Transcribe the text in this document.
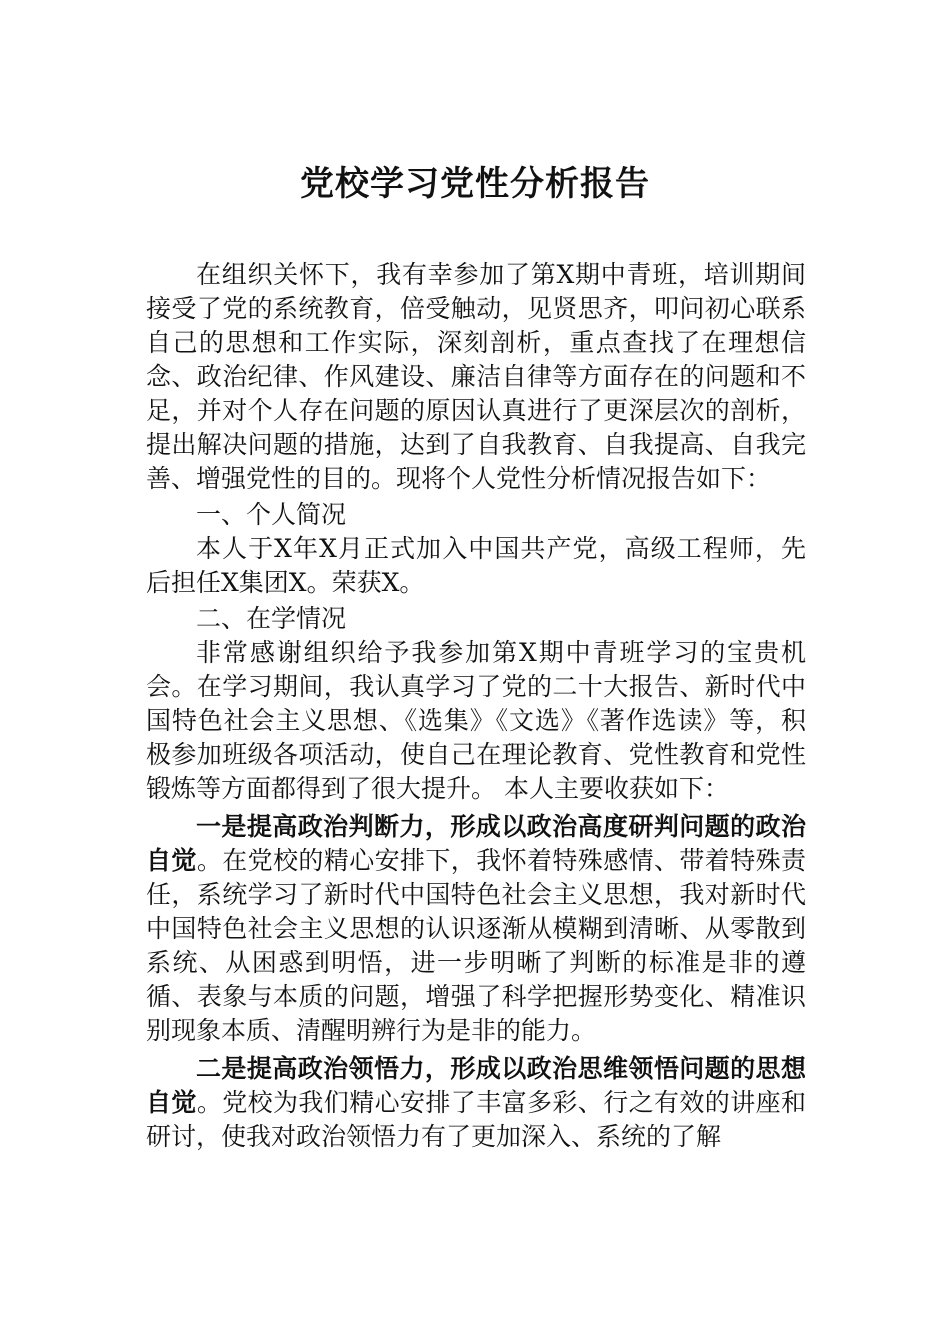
党校学习党性分析报告

在组织关怀下，我有幸参加了第X期中青班，培训期间接受了党的系统教育，倍受触动，见贤思齐，叩问初心联系自己的思想和工作实际，深刻剖析，重点查找了在理想信念、政治纪律、作风建设、廉洁自律等方面存在的问题和不足，并对个人存在问题的原因认真进行了更深层次的剖析，提出解决问题的措施，达到了自我教育、自我提高、自我完善、增强党性的目的。现将个人党性分析情况报告如下：

一、个人简况

本人于X年X月正式加入中国共产党，高级工程师，先后担任X集团X。荣获X。

二、在学情况

非常感谢组织给予我参加第X期中青班学习的宝贵机会。在学习期间，我认真学习了党的二十大报告、新时代中国特色社会主义思想、《选集》《文选》《著作选读》等，积极参加班级各项活动，使自己在理论教育、党性教育和党性锻炼等方面都得到了很大提升。 本人主要收获如下：

一是提高政治判断力，形成以政治高度研判问题的政治自觉。在党校的精心安排下，我怀着特殊感情、带着特殊责任，系统学习了新时代中国特色社会主义思想，我对新时代中国特色社会主义思想的认识逐渐从模糊到清晰、从零散到系统、从困惑到明悟，进一步明晰了判断的标准是非的遵循、表象与本质的问题，增强了科学把握形势变化、精准识别现象本质、清醒明辨行为是非的能力。

二是提高政治领悟力，形成以政治思维领悟问题的思想自觉。党校为我们精心安排了丰富多彩、行之有效的讲座和研讨，使我对政治领悟力有了更加深入、系统的了解
